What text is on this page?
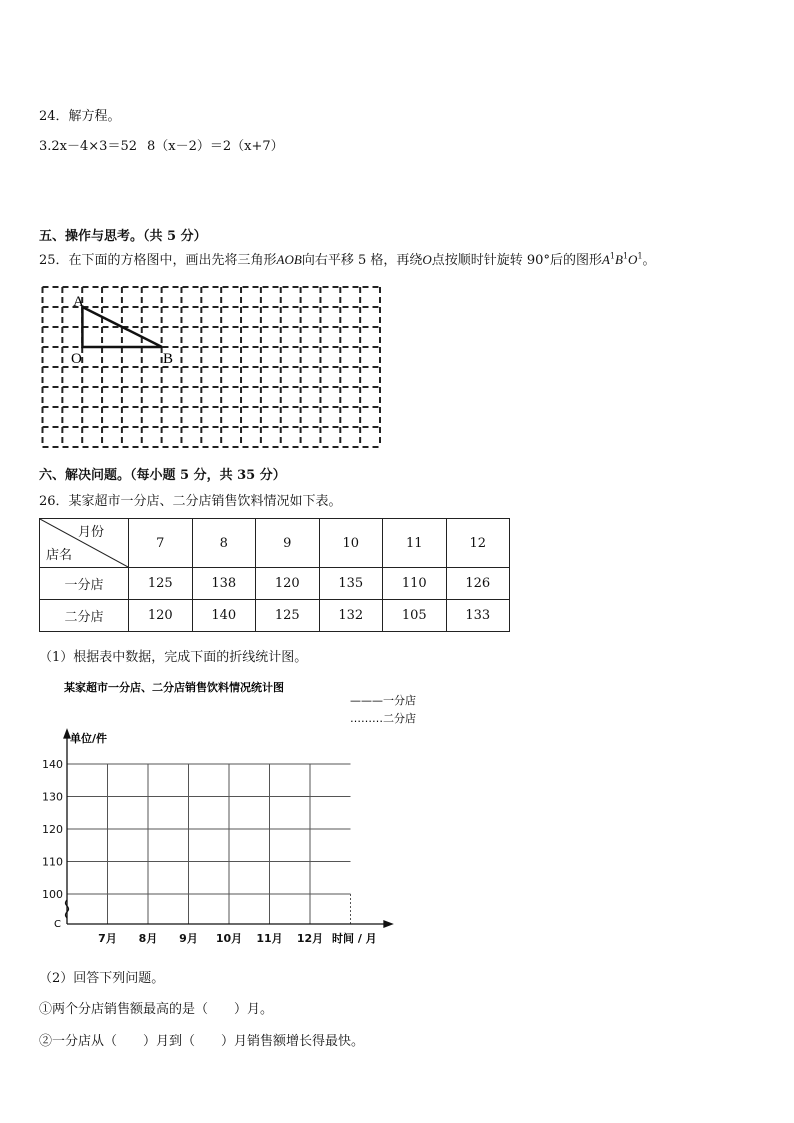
24．解方程。
3.2x－4×3＝52 8（x－2）＝2（x+7）
五、操作与思考。（共 5 分）
25．在下面的方格图中，画出先将三角形AOB向右平移 5 格，再绕O点按顺时针旋转 90°后的图形$A^1B^1O^1$。
A
O	B
六、解决问题。（每小题 5 分，共 35 分）
26．某家超市一分店、二分店销售饮料情况如下表。
月份
店名	7	8	9	10	11	12
一分店	125	138	120	135	110	126
二分店	120	140	125	132	105	133
（1）根据表中数据，完成下面的折线统计图。
某家超市一分店、二分店销售饮料情况统计图
———一分店
………二分店
单位/件
时间 / 月
140
130
120
110
100
7月 8月 9月 10月 11月 12月
C
（2）回答下列问题。
①两个分店销售额最高的是（　　）月。
②一分店从（　　）月到（　　）月销售额增长得最快。
